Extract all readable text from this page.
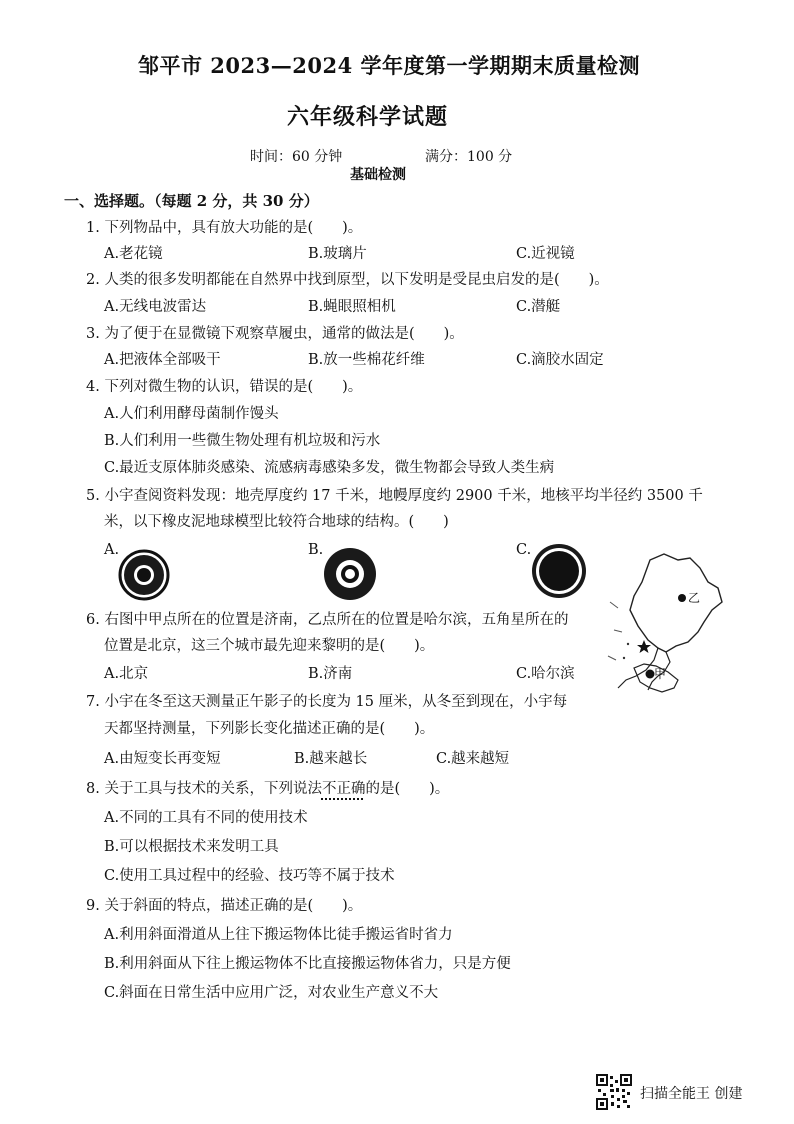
邹平市 2023—2024 学年度第一学期期末质量检测
六年级科学试题
时间：60 分钟	满分：100 分
基础检测
一、选择题。（每题 2 分，共 30 分）
1. 下列物品中，具有放大功能的是(　　)。
A.老花镜	B.玻璃片	C.近视镜
2. 人类的很多发明都能在自然界中找到原型，以下发明是受昆虫启发的是(　　)。
A.无线电波雷达	B.蝇眼照相机	C.潜艇
3. 为了便于在显微镜下观察草履虫，通常的做法是(　　)。
A.把液体全部吸干	B.放一些棉花纤维	C.滴胶水固定
4. 下列对微生物的认识，错误的是(　　)。
A.人们利用酵母菌制作馒头
B.人们利用一些微生物处理有机垃圾和污水
C.最近支原体肺炎感染、流感病毒感染多发，微生物都会导致人类生病
5. 小宇查阅资料发现：地壳厚度约 17 千米，地幔厚度约 2900 千米，地核平均半径约 3500 千
米，以下橡皮泥地球模型比较符合地球的结构。(　　)
A.	B.	C.
乙
甲
6. 右图中甲点所在的位置是济南，乙点所在的位置是哈尔滨，五角星所在的
位置是北京，这三个城市最先迎来黎明的是(　　)。
A.北京	B.济南	C.哈尔滨
7. 小宇在冬至这天测量正午影子的长度为 15 厘米，从冬至到现在，小宇每
天都坚持测量，下列影长变化描述正确的是(　　)。
A.由短变长再变短	B.越来越长	C.越来越短
8. 关于工具与技术的关系，下列说法不正确的是(　　)。
A.不同的工具有不同的使用技术
B.可以根据技术来发明工具
C.使用工具过程中的经验、技巧等不属于技术
9. 关于斜面的特点，描述正确的是(　　)。
A.利用斜面滑道从上往下搬运物体比徒手搬运省时省力
B.利用斜面从下往上搬运物体不比直接搬运物体省力，只是方便
C.斜面在日常生活中应用广泛，对农业生产意义不大
扫描全能王 创建
